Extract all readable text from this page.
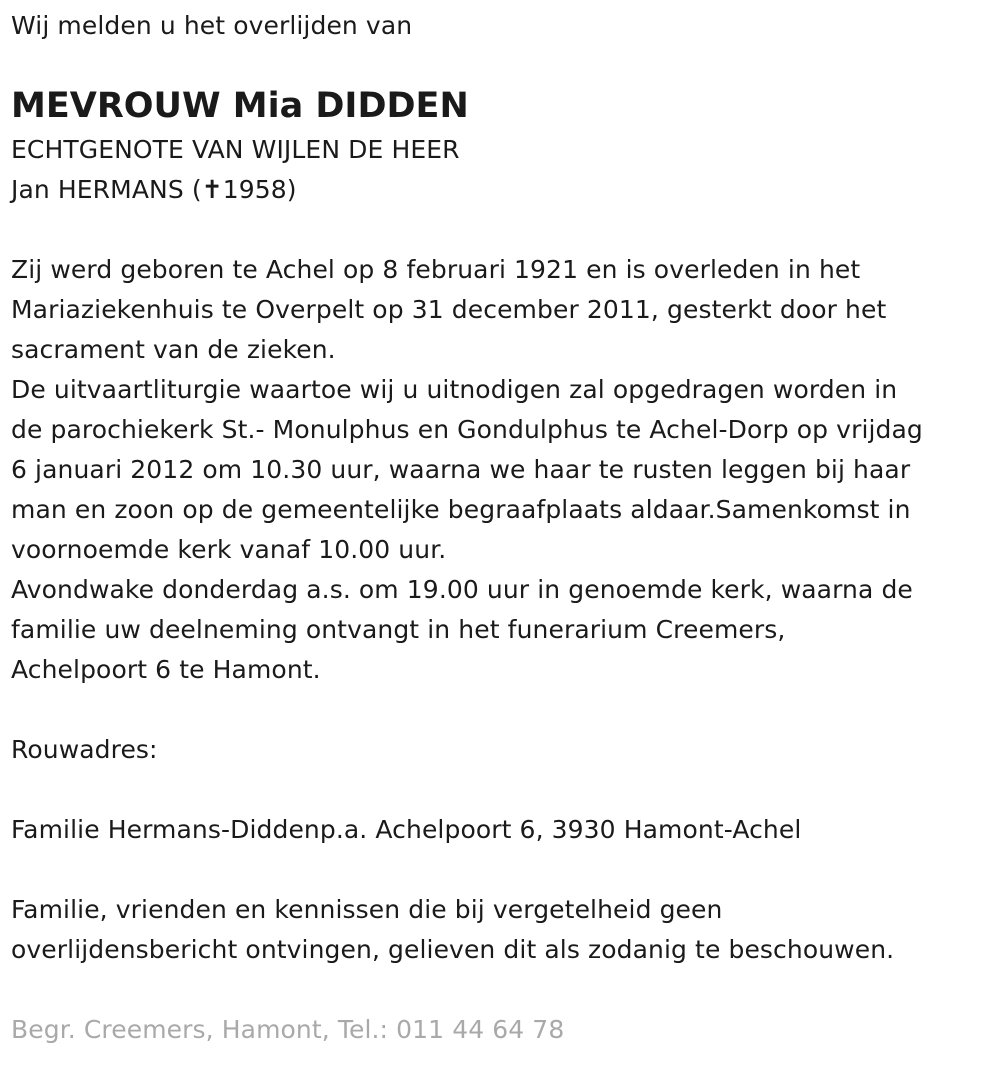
Wij melden u het overlijden van
MEVROUW Mia DIDDEN
ECHTGENOTE VAN WIJLEN DE HEER
Jan HERMANS (✝1958)
Zij werd geboren te Achel op 8 februari 1921 en is overleden in het
Mariaziekenhuis te Overpelt op 31 december 2011, gesterkt door het
sacrament van de zieken.
De uitvaartliturgie waartoe wij u uitnodigen zal opgedragen worden in
de parochiekerk St.- Monulphus en Gondulphus te Achel-Dorp op vrijdag
6 januari 2012 om 10.30 uur, waarna we haar te rusten leggen bij haar
man en zoon op de gemeentelijke begraafplaats aldaar.Samenkomst in
voornoemde kerk vanaf 10.00 uur.
Avondwake donderdag a.s. om 19.00 uur in genoemde kerk, waarna de
familie uw deelneming ontvangt in het funerarium Creemers,
Achelpoort 6 te Hamont.
Rouwadres:
Familie Hermans-Diddenp.a. Achelpoort 6, 3930 Hamont-Achel
Familie, vrienden en kennissen die bij vergetelheid geen
overlijdensbericht ontvingen, gelieven dit als zodanig te beschouwen.
Begr. Creemers, Hamont, Tel.: 011 44 64 78
